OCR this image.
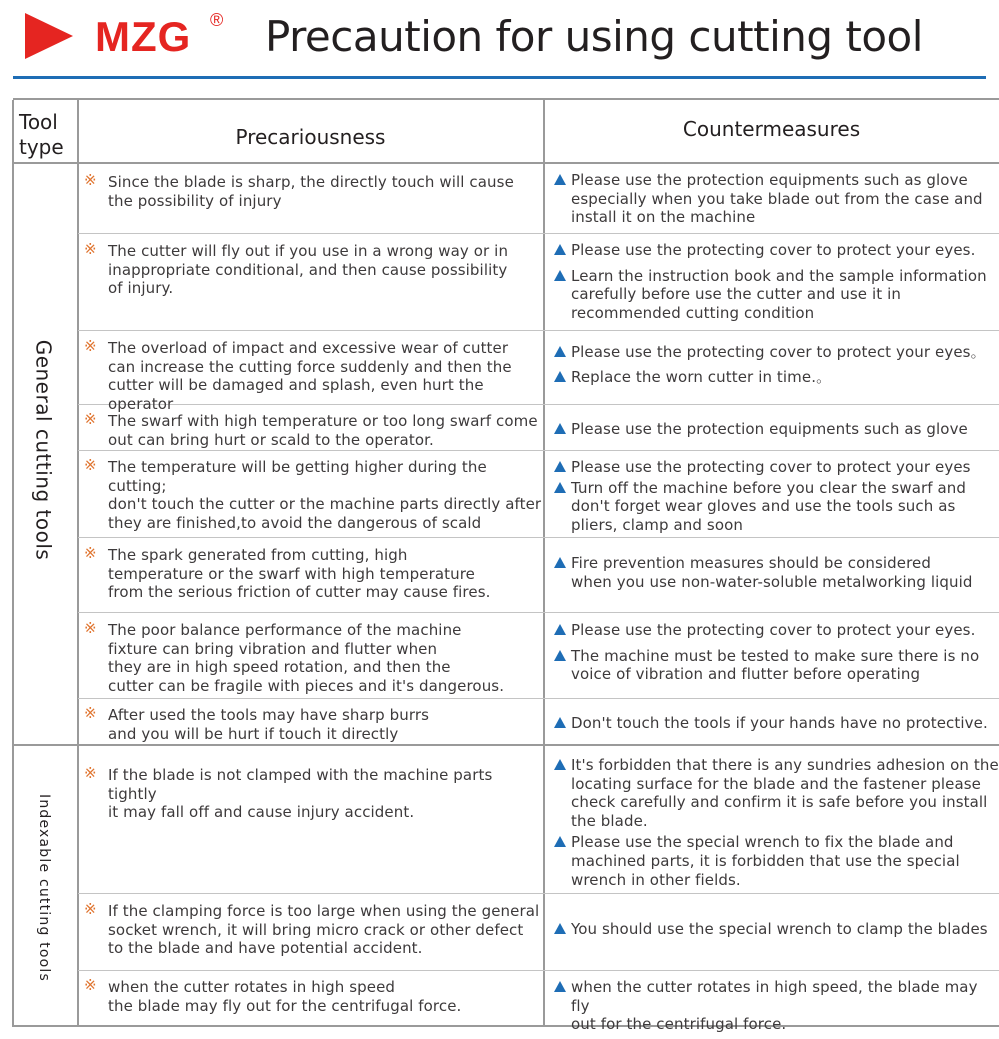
MZG ® Precaution for using cutting tool
Tool type	Precariousness	Countermeasures
General cutting tools
Indexable cutting tools
※ Since the blade is sharp, the directly touch will cause
the possibility of injury
Please use the protection equipments such as glove
especially when you take blade out from the case and
install it on the machine
※ The cutter will fly out if you use in a wrong way or in
inappropriate conditional, and then cause possibility
of injury.
Please use the protecting cover to protect your eyes.
Learn the instruction book and the sample information
carefully before use the cutter and use it in
recommended cutting condition
※ The overload of impact and excessive wear of cutter
can increase the cutting force suddenly and then the
cutter will be damaged and splash, even hurt the operator
Please use the protecting cover to protect your eyes。
Replace the worn cutter in time.。
※ The swarf with high temperature or too long swarf come
out can bring hurt or scald to the operator.
Please use the protection equipments such as glove
※ The temperature will be getting higher during the cutting;
don't touch the cutter or the machine parts directly after
they are finished,to avoid the dangerous of scald
Please use the protecting cover to protect your eyes
Turn off the machine before you clear the swarf and
don't forget wear gloves and use the tools such as
pliers, clamp and soon
※ The spark generated from cutting, high
temperature or the swarf with high temperature
from the serious friction of cutter may cause fires.
Fire prevention measures should be considered
when you use non-water-soluble metalworking liquid
※ The poor balance performance of the machine
fixture can bring vibration and flutter when
they are in high speed rotation, and then the
cutter can be fragile with pieces and it's dangerous.
Please use the protecting cover to protect your eyes.
The machine must be tested to make sure there is no
voice of vibration and flutter before operating
※ After used the tools may have sharp burrs
and you will be hurt if touch it directly
Don't touch the tools if your hands have no protective.
※ If the blade is not clamped with the machine parts tightly
it may fall off and cause injury accident.
It's forbidden that there is any sundries adhesion on the
locating surface for the blade and the fastener please
check carefully and confirm it is safe before you install
the blade.
Please use the special wrench to fix the blade and
machined parts, it is forbidden that use the special
wrench in other fields.
※ If the clamping force is too large when using the general
socket wrench, it will bring micro crack or other defect
to the blade and have potential accident.
You should use the special wrench to clamp the blades
※ when the cutter rotates in high speed
the blade may fly out for the centrifugal force.
when the cutter rotates in high speed, the blade may fly
out for the centrifugal force.
